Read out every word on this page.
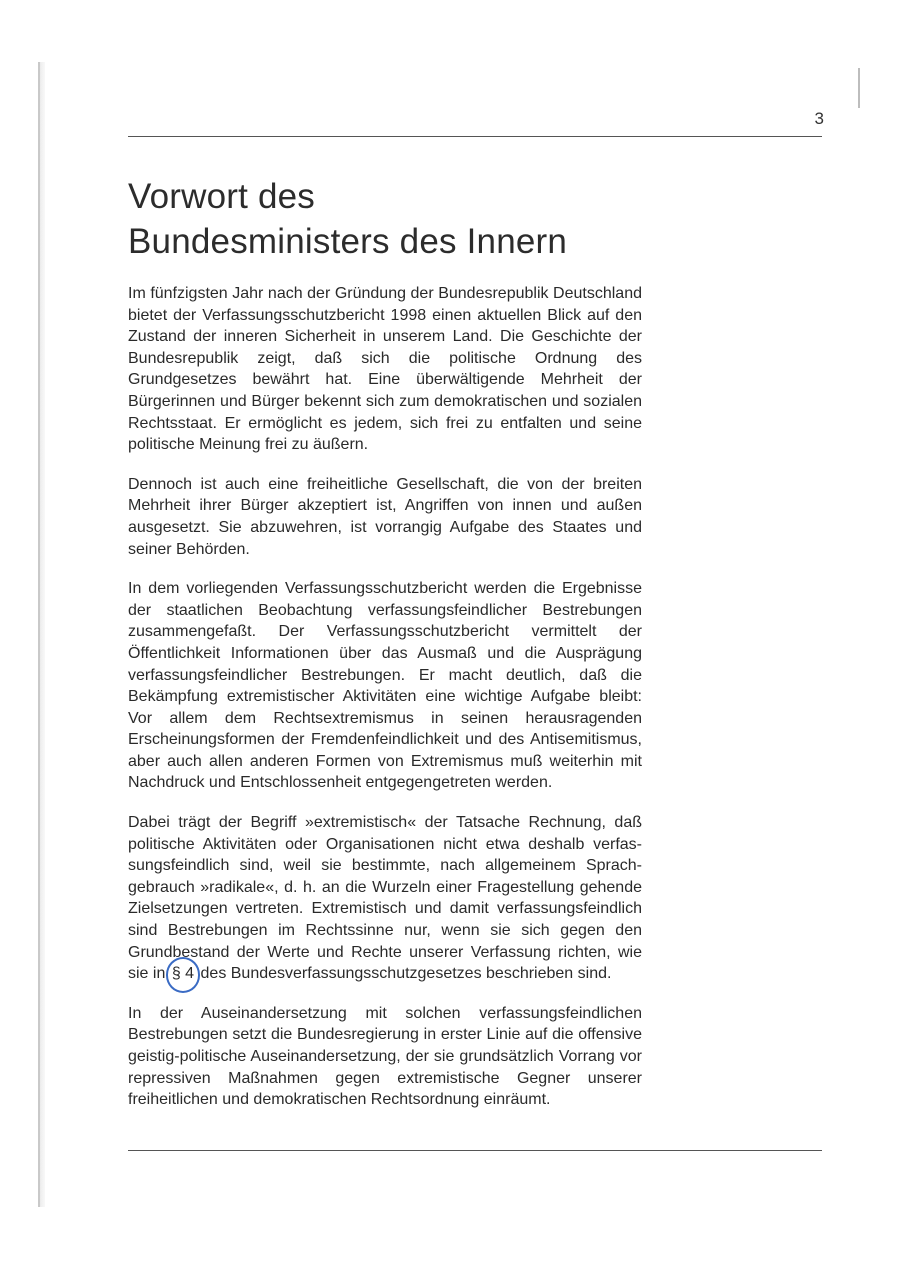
3
Vorwort des
Bundesministers des Innern

Im fünfzigsten Jahr nach der Gründung der Bundesrepublik Deutschland bietet der Verfassungsschutzbericht 1998 einen aktuellen Blick auf den Zustand der inneren Sicherheit in unserem Land. Die Geschichte der Bundesrepublik zeigt, daß sich die politische Ordnung des Grundgesetzes bewährt hat. Eine überwältigende Mehrheit der Bürgerinnen und Bürger bekennt sich zum demokratischen und sozialen Rechtsstaat. Er ermöglicht es jedem, sich frei zu entfalten und seine politische Meinung frei zu äußern.

Dennoch ist auch eine freiheitliche Gesellschaft, die von der breiten Mehrheit ihrer Bürger akzeptiert ist, Angriffen von innen und außen ausgesetzt. Sie abzuwehren, ist vorrangig Aufgabe des Staates und seiner Behörden.

In dem vorliegenden Verfassungsschutzbericht werden die Ergebnisse der staatlichen Beobachtung verfassungsfeindlicher Bestrebungen zusammengefaßt. Der Verfassungsschutzbericht vermittelt der Öffentlichkeit Informationen über das Ausmaß und die Ausprägung verfassungsfeindlicher Bestrebungen. Er macht deutlich, daß die Bekämpfung extremistischer Aktivitäten eine wichtige Aufgabe bleibt: Vor allem dem Rechtsextremismus in seinen herausragenden Erscheinungsformen der Fremdenfeindlichkeit und des Antisemitismus, aber auch allen anderen Formen von Extremismus muß weiterhin mit Nachdruck und Entschlossenheit entgegengetreten werden.

Dabei trägt der Begriff »extremistisch« der Tatsache Rechnung, daß politische Aktivitäten oder Organisationen nicht etwa deshalb verfassungsfeindlich sind, weil sie bestimmte, nach allgemeinem Sprachgebrauch »radikale«, d. h. an die Wurzeln einer Fragestellung gehende Zielsetzungen vertreten. Extremistisch und damit verfassungsfeindlich sind Bestrebungen im Rechtssinne nur, wenn sie sich gegen den Grundbestand der Werte und Rechte unserer Verfassung richten, wie sie in § 4 des Bundesverfassungsschutzgesetzes beschrieben sind.

In der Auseinandersetzung mit solchen verfassungsfeindlichen Bestrebungen setzt die Bundesregierung in erster Linie auf die offensive geistig-politische Auseinandersetzung, der sie grundsätzlich Vorrang vor repressiven Maßnahmen gegen extremistische Gegner unserer freiheitlichen und demokratischen Rechtsordnung einräumt.
